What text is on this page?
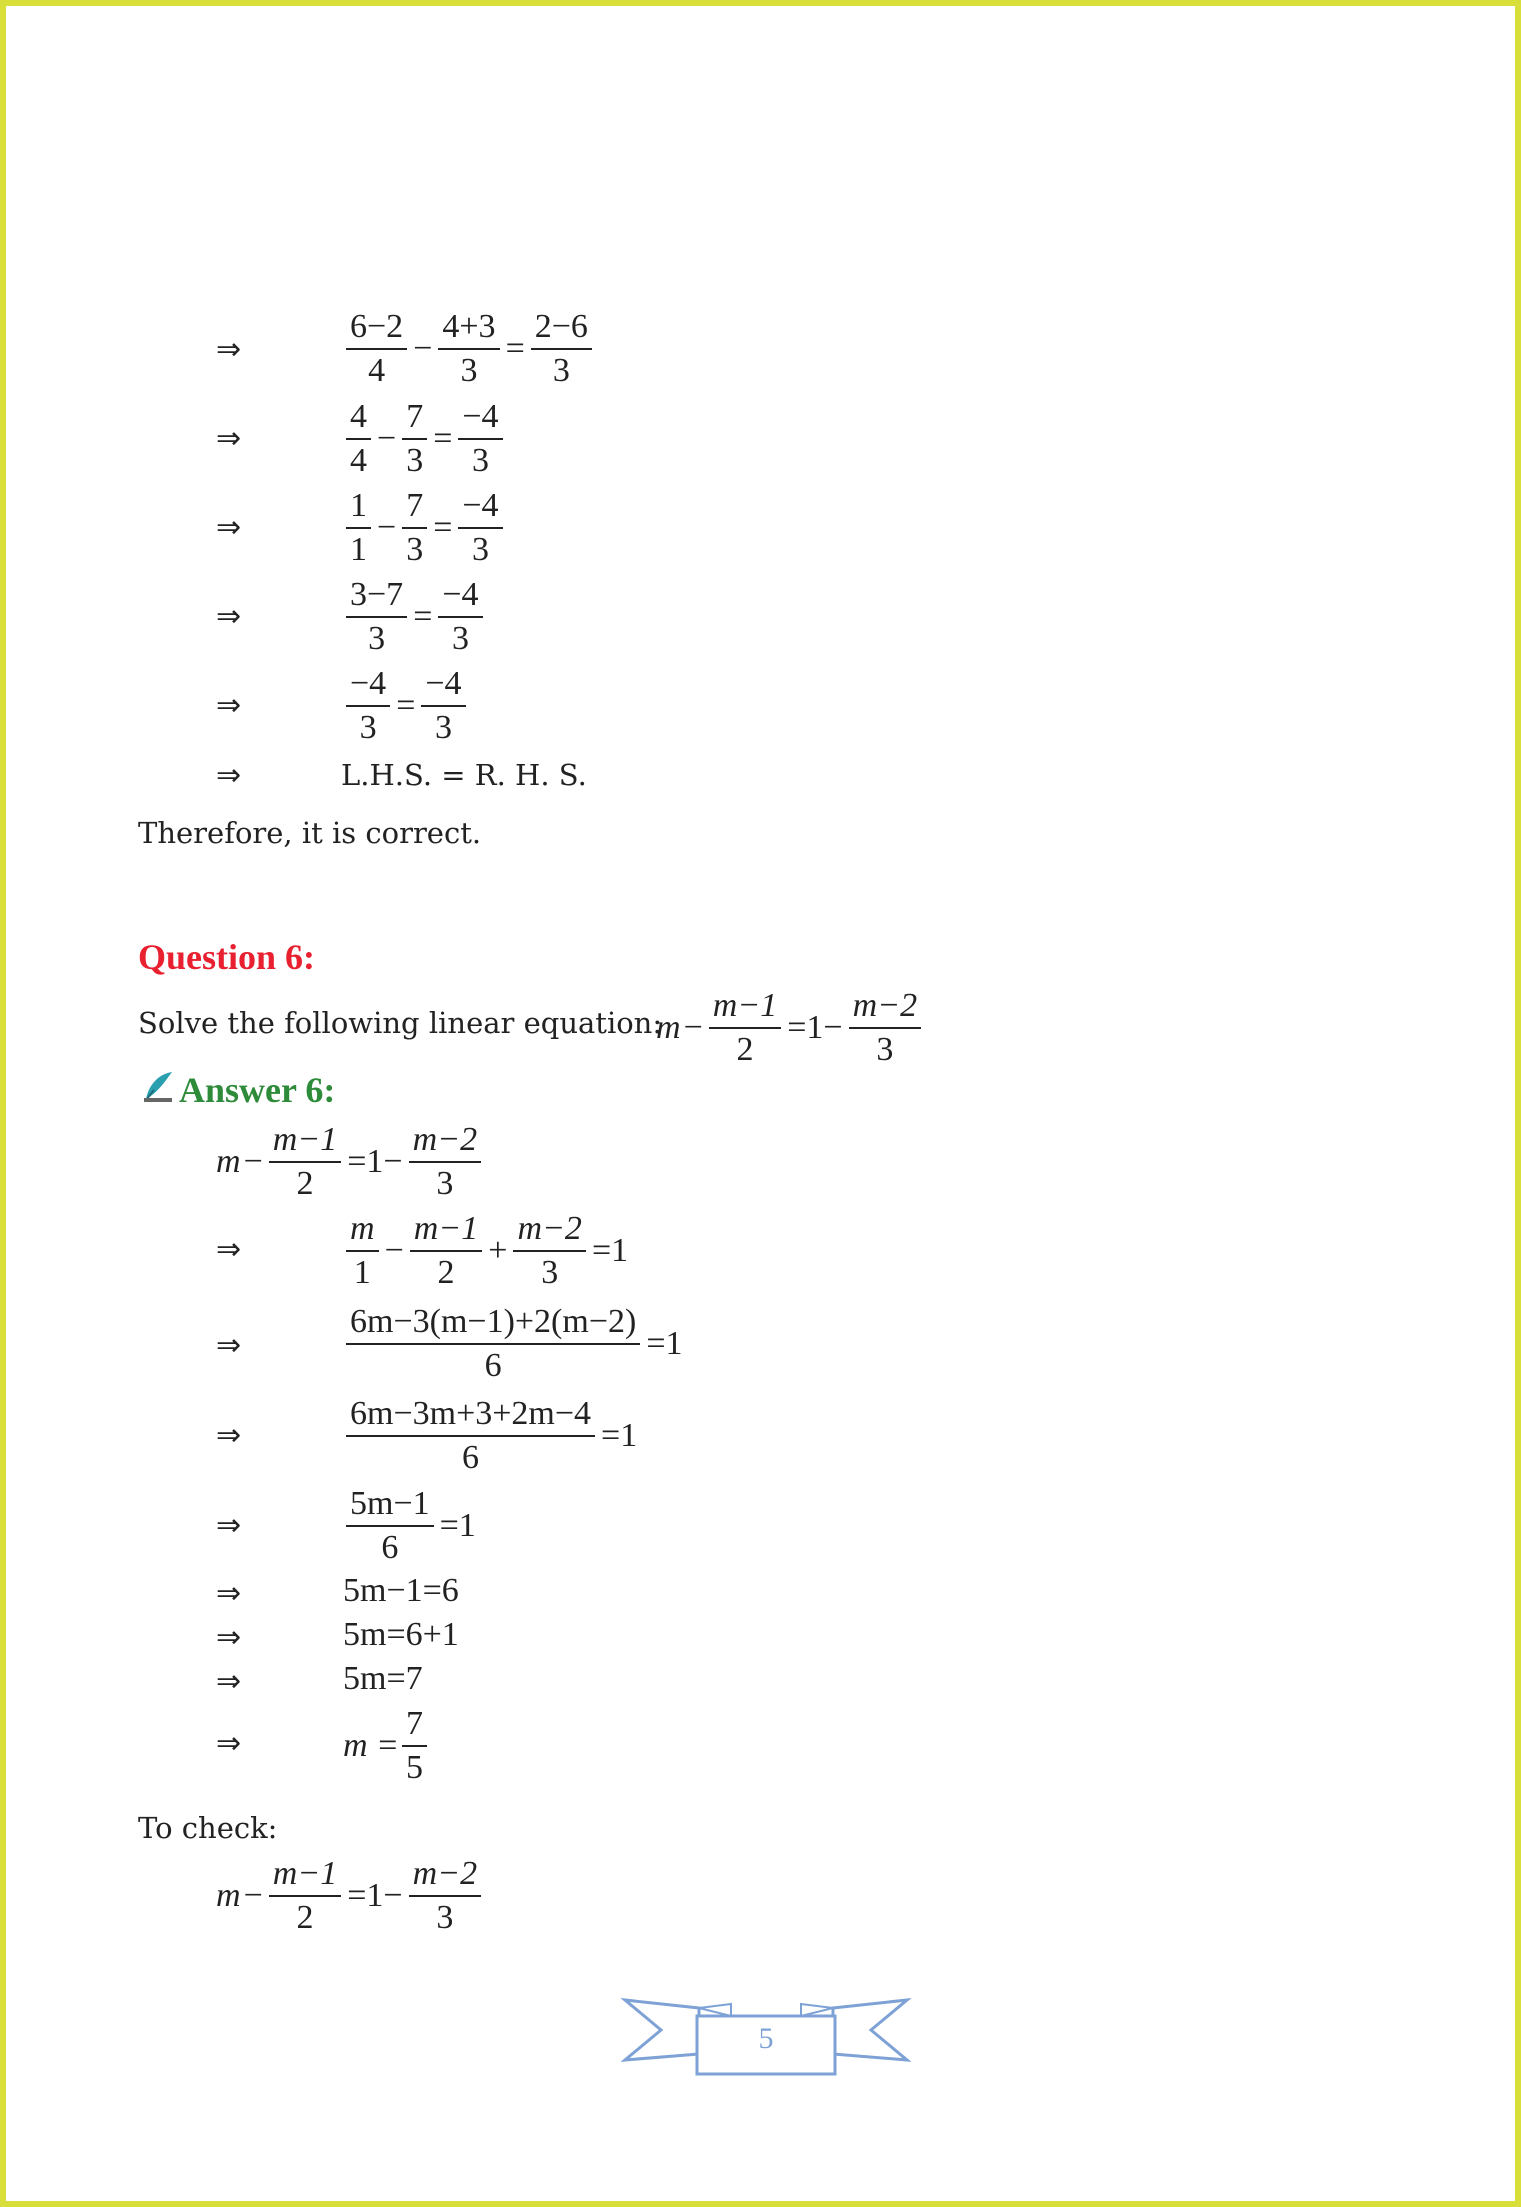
⇒	$\frac{6-2}{4} - \frac{4+3}{3} = \frac{2-6}{3}$
⇒	$\frac{4}{4} - \frac{7}{3} = \frac{-4}{3}$
⇒	$\frac{1}{1} - \frac{7}{3} = \frac{-4}{3}$
⇒	$\frac{3-7}{3} = \frac{-4}{3}$
⇒	$\frac{-4}{3} = \frac{-4}{3}$
⇒	L.H.S. = R. H. S.
Therefore, it is correct.
Question 6:
Solve the following linear equation:
$m - \frac{m-1}{2} =1- \frac{m-2}{3}$
Answer 6:
$m - \frac{m-1}{2} =1- \frac{m-2}{3}$
⇒	$\frac{m}{1} - \frac{m-1}{2} + \frac{m-2}{3} =1$
⇒	$\frac{6m-3(m-1)+2(m-2)}{6} =1$
⇒	$\frac{6m-3m+3+2m-4}{6} =1$
⇒	$\frac{5m-1}{6} =1$
⇒	5m−1=6
⇒	5m=6+1
⇒	5m=7
⇒	$m = \frac{7}{5}$
To check:
$m - \frac{m-1}{2} =1- \frac{m-2}{3}$
5
